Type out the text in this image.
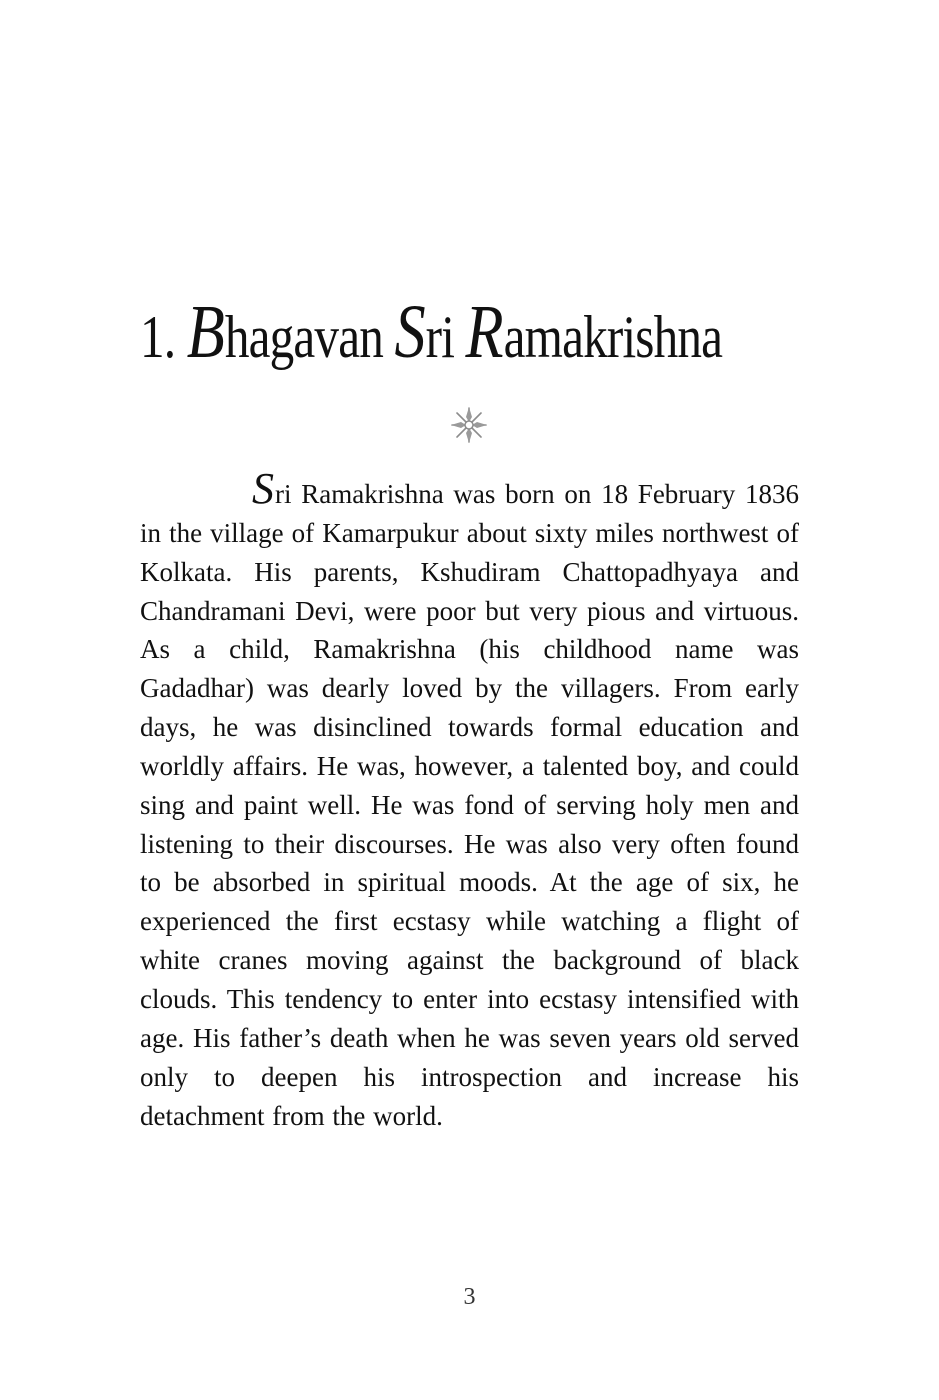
1. Bhagavan Sri Ramakrishna

Sri Ramakrishna was born on 18 February 1836 in the village of Kamarpukur about sixty miles northwest of Kolkata. His parents, Kshudiram Chattopadhyaya and Chandramani Devi, were poor but very pious and virtuous. As a child, Ramakrishna (his childhood name was Gadadhar) was dearly loved by the villagers. From early days, he was disinclined towards formal education and worldly affairs. He was, however, a talented boy, and could sing and paint well. He was fond of serving holy men and listening to their discourses. He was also very often found to be absorbed in spiritual moods. At the age of six, he experienced the first ecstasy while watching a flight of white cranes moving against the background of black clouds. This tendency to enter into ecstasy intensified with age. His father’s death when he was seven years old served only to deepen his introspection and increase his detachment from the world.

3
